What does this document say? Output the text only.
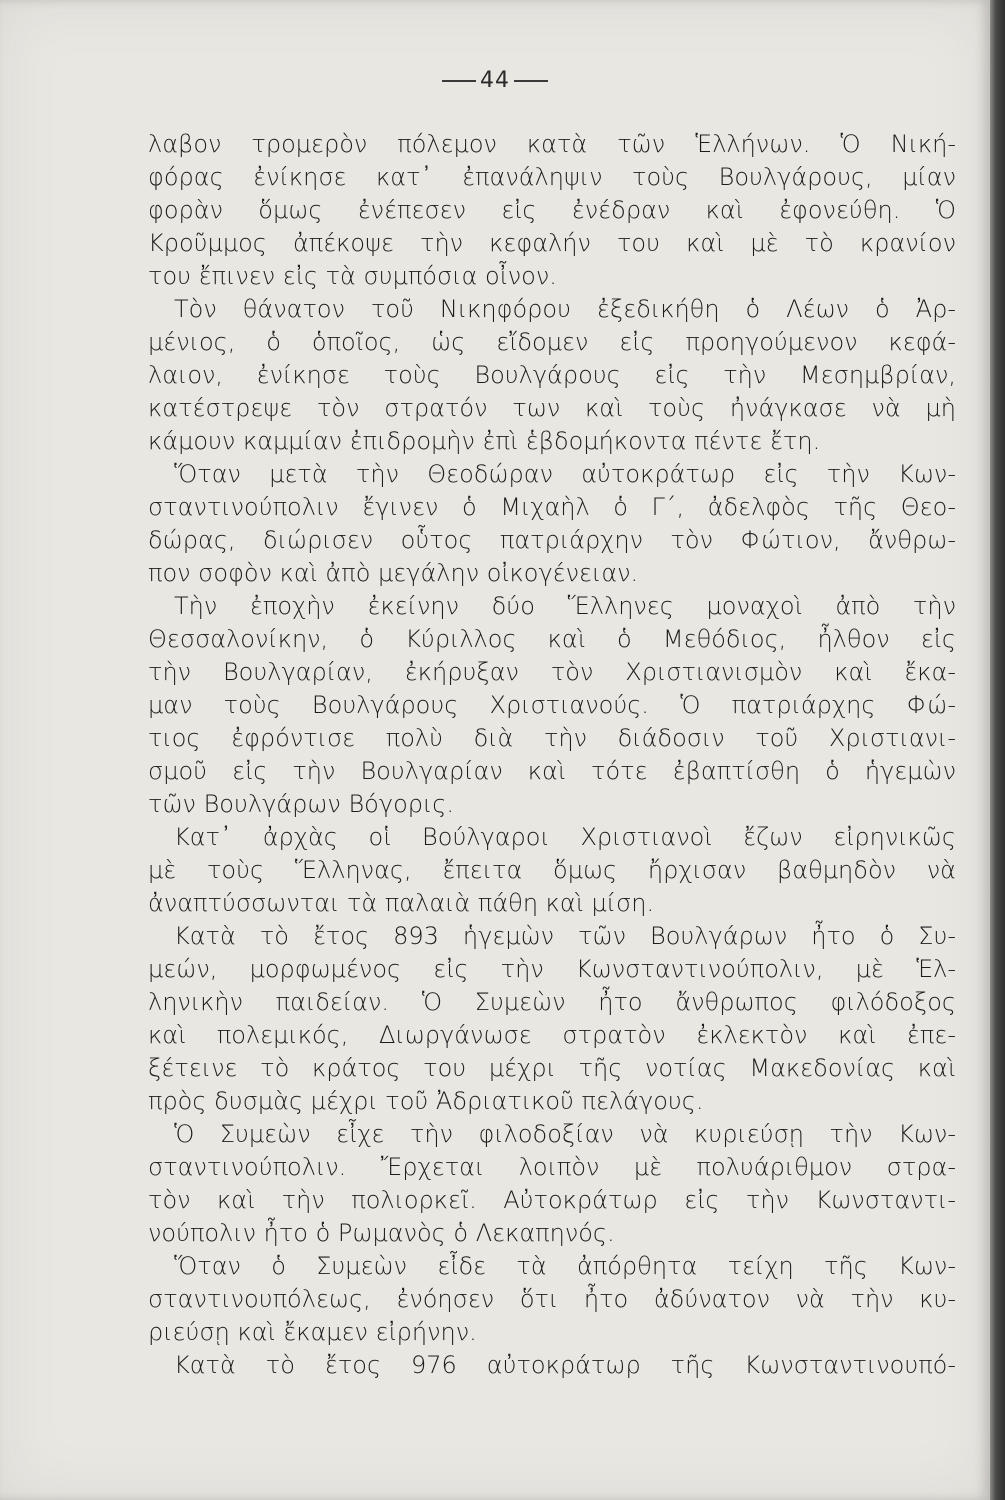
44
λαβον τρομερὸν πόλεμον κατὰ τῶν Ἑλλήνων. Ὁ Νική-
φόρας ἐνίκησε κατ᾽ ἐπανάληψιν τοὺς Βουλγάρους, μίαν
φορὰν ὅμως ἐνέπεσεν εἰς ἐνέδραν καὶ ἐφονεύθη. Ὁ
Κροῦμμος ἀπέκοψε τὴν κεφαλήν του καὶ μὲ τὸ κρανίον
του ἔπινεν εἰς τὰ συμπόσια οἶνον.
Τὸν θάνατον τοῦ Νικηφόρου ἐξεδικήθη ὁ Λέων ὁ Ἀρ-
μένιος, ὁ ὁποῖος, ὡς εἴδομεν εἰς προηγούμενον κεφά-
λαιον, ἐνίκησε τοὺς Βουλγάρους εἰς τὴν Μεσημβρίαν,
κατέστρεψε τὸν στρατόν των καὶ τοὺς ἠνάγκασε νὰ μὴ
κάμουν καμμίαν ἐπιδρομὴν ἐπὶ ἑβδομήκοντα πέντε ἔτη.
Ὅταν μετὰ τὴν Θεοδώραν αὐτοκράτωρ εἰς τὴν Κων-
σταντινούπολιν ἔγινεν ὁ Μιχαὴλ ὁ Γ΄, ἀδελφὸς τῆς Θεο-
δώρας, διώρισεν οὗτος πατριάρχην τὸν Φώτιον, ἄνθρω-
πον σοφὸν καὶ ἀπὸ μεγάλην οἰκογένειαν.
Τὴν ἐποχὴν ἐκείνην δύο Ἕλληνες μοναχοὶ ἀπὸ τὴν
Θεσσαλονίκην, ὁ Κύριλλος καὶ ὁ Μεθόδιος, ἦλθον εἰς
τὴν Βουλγαρίαν, ἐκήρυξαν τὸν Χριστιανισμὸν καὶ ἔκα-
μαν τοὺς Βουλγάρους Χριστιανούς. Ὁ πατριάρχης Φώ-
τιος ἐφρόντισε πολὺ διὰ τὴν διάδοσιν τοῦ Χριστιανι-
σμοῦ εἰς τὴν Βουλγαρίαν καὶ τότε ἐβαπτίσθη ὁ ἡγεμὼν
τῶν Βουλγάρων Βόγορις.
Κατ᾽ ἀρχὰς οἱ Βούλγαροι Χριστιανοὶ ἔζων εἰρηνικῶς
μὲ τοὺς Ἕλληνας, ἔπειτα ὅμως ἤρχισαν βαθμηδὸν νὰ
ἀναπτύσσωνται τὰ παλαιὰ πάθη καὶ μίση.
Κατὰ τὸ ἔτος 893 ἡγεμὼν τῶν Βουλγάρων ἦτο ὁ Συ-
μεών, μορφωμένος εἰς τὴν Κωνσταντινούπολιν, μὲ Ἑλ-
ληνικὴν παιδείαν. Ὁ Συμεὼν ἦτο ἄνθρωπος φιλόδοξος
καὶ πολεμικός, Διωργάνωσε στρατὸν ἐκλεκτὸν καὶ ἐπε-
ξέτεινε τὸ κράτος του μέχρι τῆς νοτίας Μακεδονίας καὶ
πρὸς δυσμὰς μέχρι τοῦ Ἀδριατικοῦ πελάγους.
Ὁ Συμεὼν εἶχε τὴν φιλοδοξίαν νὰ κυριεύσῃ τὴν Κων-
σταντινούπολιν. Ἔρχεται λοιπὸν μὲ πολυάριθμον στρα-
τὸν καὶ τὴν πολιορκεῖ. Αὐτοκράτωρ εἰς τὴν Κωνσταντι-
νούπολιν ἦτο ὁ Ρωμανὸς ὁ Λεκαπηνός.
Ὅταν ὁ Συμεὼν εἶδε τὰ ἀπόρθητα τείχη τῆς Κων-
σταντινουπόλεως, ἐνόησεν ὅτι ἦτο ἀδύνατον νὰ τὴν κυ-
ριεύσῃ καὶ ἔκαμεν εἰρήνην.
Κατὰ τὸ ἔτος 976 αὐτοκράτωρ τῆς Κωνσταντινουπό-
